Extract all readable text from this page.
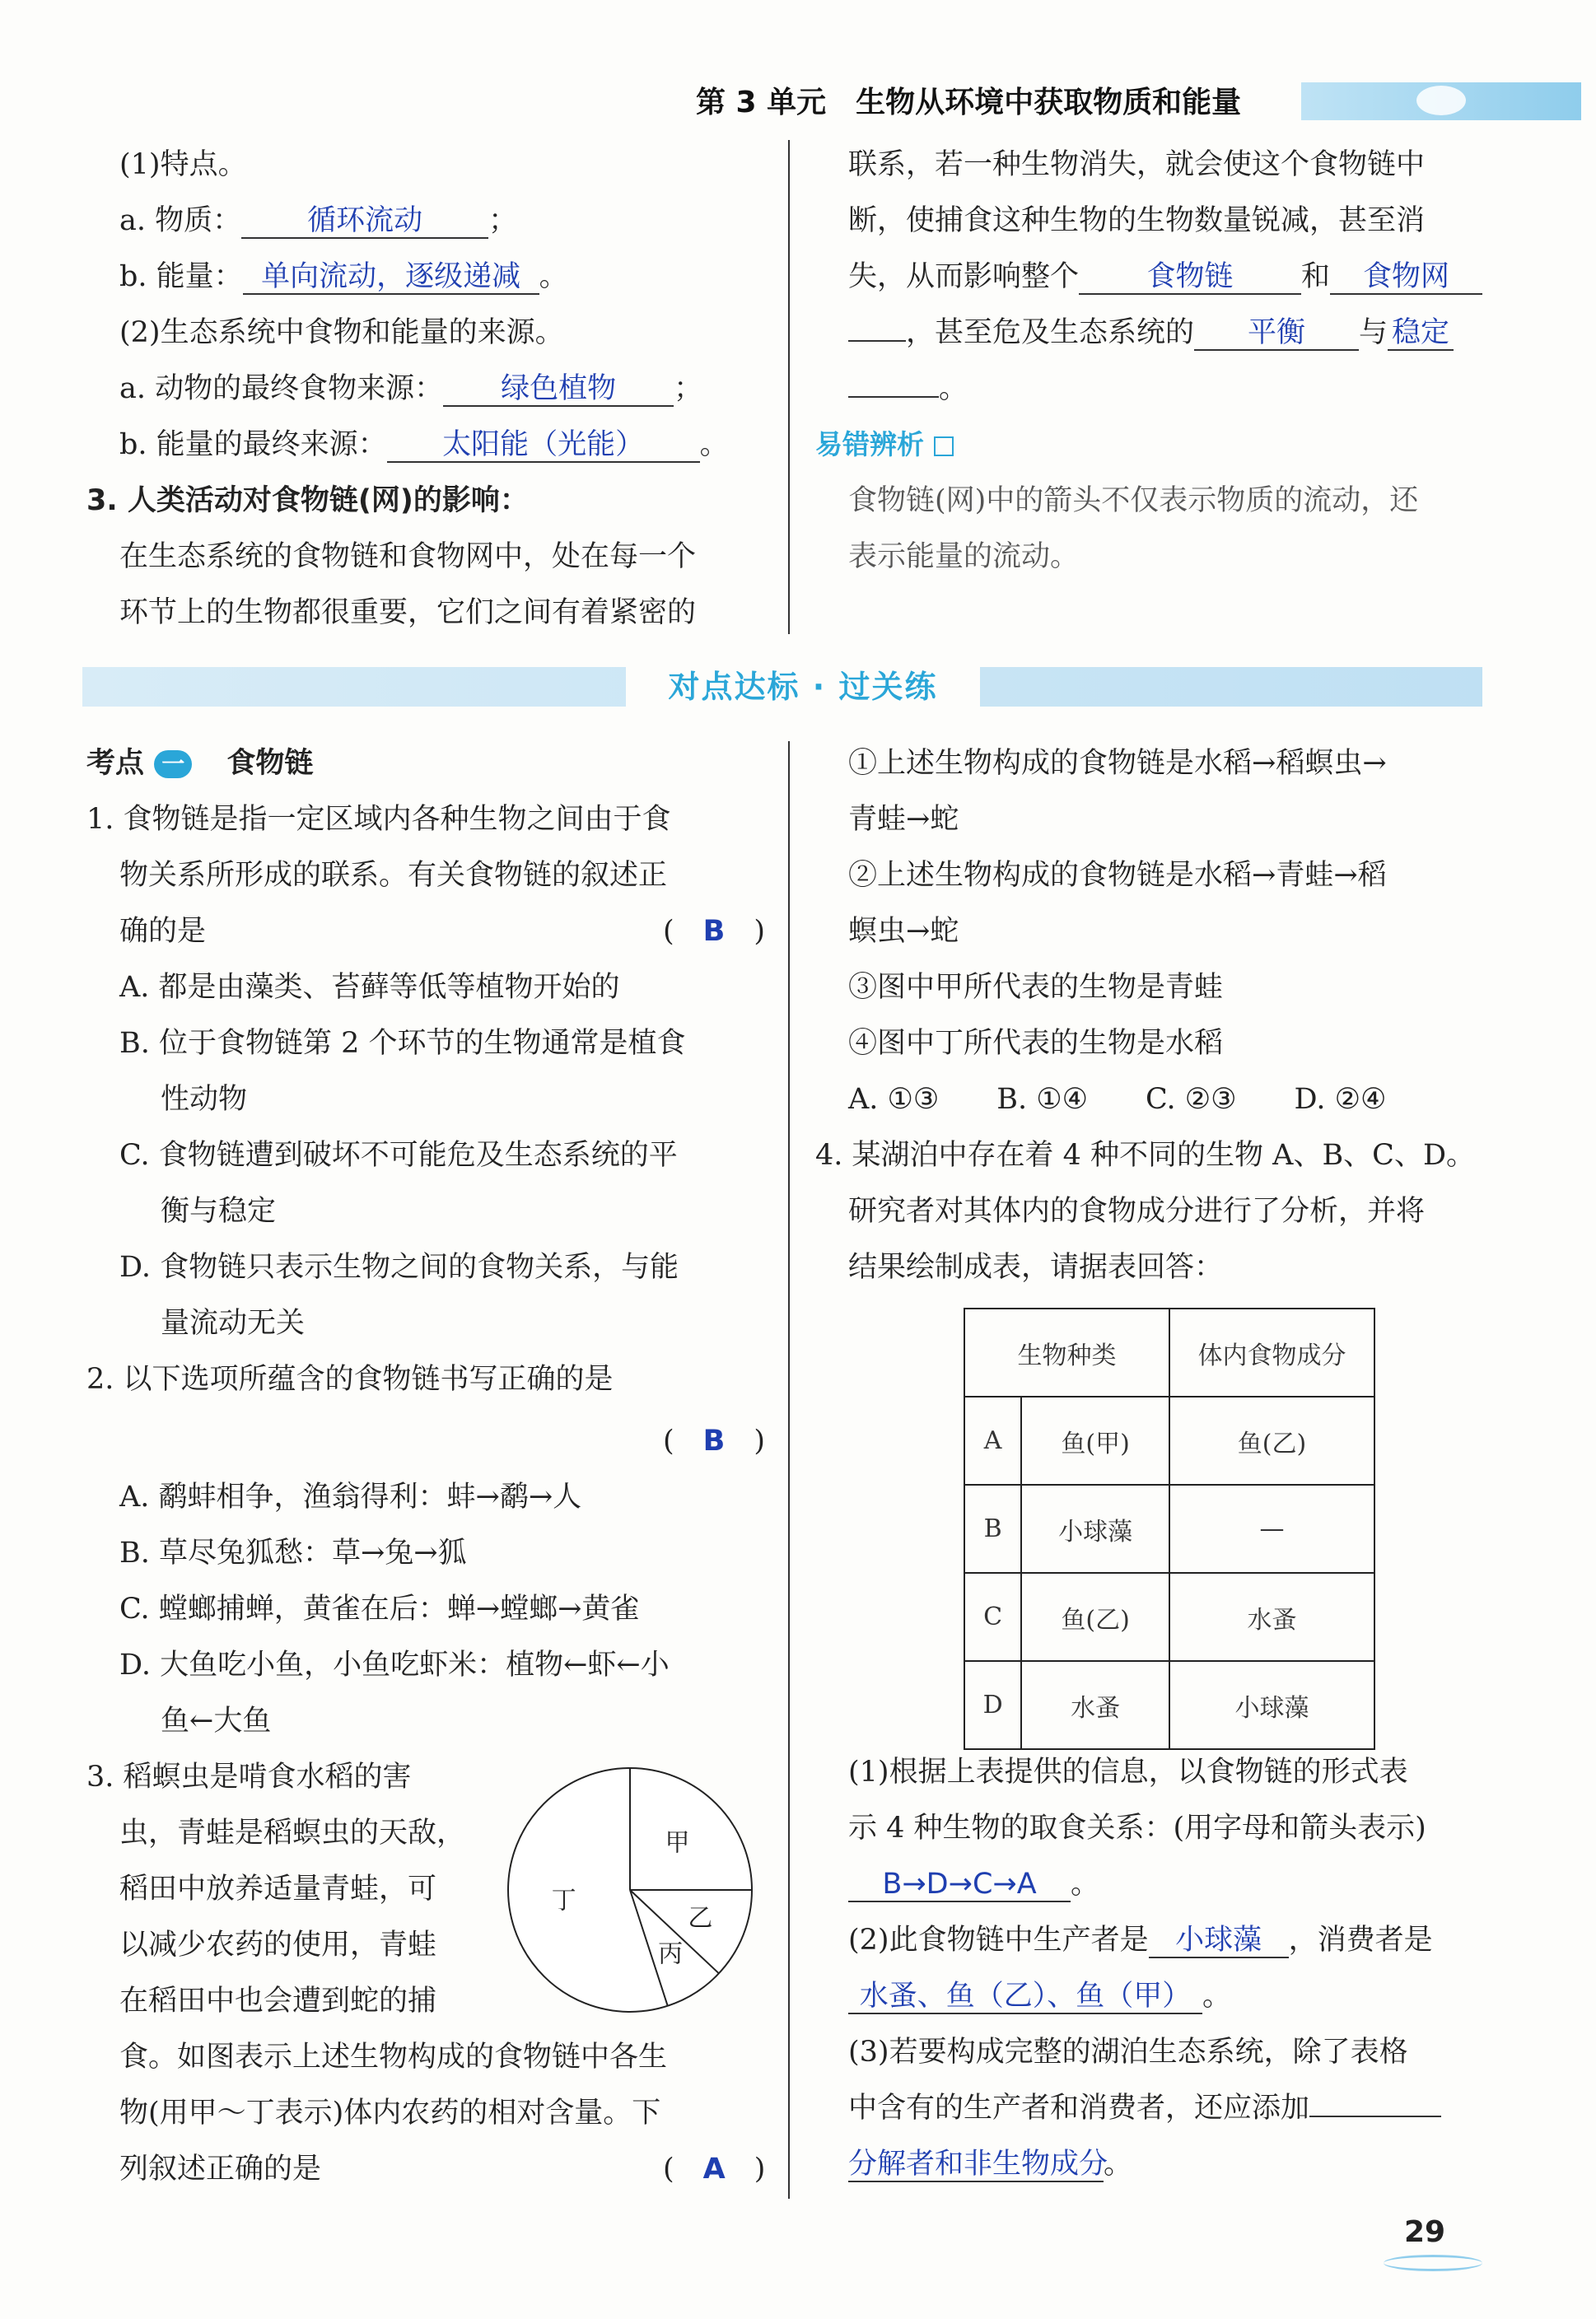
第 3 单元　生物从环境中获取物质和能量
(1)特点。
a. 物质： 循环流动 ；
b. 能量： 单向流动，逐级递减 。
(2)生态系统中食物和能量的来源。
a. 动物的最终食物来源： 绿色植物 ；
b. 能量的最终来源： 太阳能（光能） 。
3. 人类活动对食物链(网)的影响：
在生态系统的食物链和食物网中，处在每一个
环节上的生物都很重要，它们之间有着紧密的
联系，若一种生物消失，就会使这个食物链中
断，使捕食这种生物的生物数量锐减，甚至消
失，从而影响整个 食物链 和 食物网
，甚至危及生态系统的 平衡 与 稳定
。
易错辨析
食物链(网)中的箭头不仅表示物质的流动，还
表示能量的流动。
对点达标 · 过关练
考点 一 食物链
1. 食物链是指一定区域内各种生物之间由于食
物关系所形成的联系。有关食物链的叙述正
确的是	(　B　)
A. 都是由藻类、苔藓等低等植物开始的
B. 位于食物链第 2 个环节的生物通常是植食
性动物
C. 食物链遭到破坏不可能危及生态系统的平
衡与稳定
D. 食物链只表示生物之间的食物关系，与能
量流动无关
2. 以下选项所蕴含的食物链书写正确的是
(　B　)
A. 鹬蚌相争，渔翁得利：蚌→鹬→人
B. 草尽兔狐愁：草→兔→狐
C. 螳螂捕蝉，黄雀在后：蝉→螳螂→黄雀
D. 大鱼吃小鱼，小鱼吃虾米：植物←虾←小
鱼←大鱼
3. 稻螟虫是啃食水稻的害
虫，青蛙是稻螟虫的天敌，
稻田中放养适量青蛙，可
以减少农药的使用，青蛙
在稻田中也会遭到蛇的捕
食。如图表示上述生物构成的食物链中各生
物(用甲～丁表示)体内农药的相对含量。下
列叙述正确的是	(　A　)
甲
乙
丙
丁
①上述生物构成的食物链是水稻→稻螟虫→
青蛙→蛇
②上述生物构成的食物链是水稻→青蛙→稻
螟虫→蛇
③图中甲所代表的生物是青蛙
④图中丁所代表的生物是水稻
A. ①③　　B. ①④　　C. ②③　　D. ②④
4. 某湖泊中存在着 4 种不同的生物 A、B、C、D。
研究者对其体内的食物成分进行了分析，并将
结果绘制成表，请据表回答：
生物种类		体内食物成分
A	鱼(甲)	鱼(乙)
B	小球藻	—
C	鱼(乙)	水蚤
D	水蚤	小球藻
(1)根据上表提供的信息，以食物链的形式表
示 4 种生物的取食关系：(用字母和箭头表示)
B→D→C→A 。
(2)此食物链中生产者是 小球藻 ，消费者是
水蚤、鱼（乙）、鱼（甲） 。
(3)若要构成完整的湖泊生态系统，除了表格
中含有的生产者和消费者，还应添加
分解者和非生物成分。
29
